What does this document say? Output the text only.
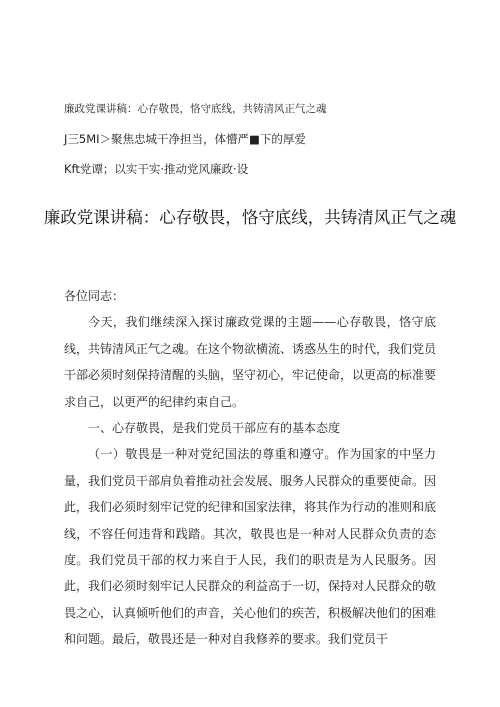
廉政党课讲稿：心存敬畏，恪守底线，共铸清风正气之魂
J三5MI＞聚焦忠城干净担当，体懵严■下的厚爱
Kft党谭；以实干实·推动党风廉政·设
廉政党课讲稿：心存敬畏，恪守底线，共铸清风正气之魂

各位同志：

今天，我们继续深入探讨廉政党课的主题——心存敬畏，恪守底线，共铸清风正气之魂。在这个物欲横流、诱惑丛生的时代，我们党员干部必须时刻保持清醒的头脑，坚守初心，牢记使命，以更高的标准要求自己，以更严的纪律约束自己。

一、心存敬畏，是我们党员干部应有的基本态度

（一）敬畏是一种对党纪国法的尊重和遵守。作为国家的中坚力量，我们党员干部肩负着推动社会发展、服务人民群众的重要使命。因此，我们必须时刻牢记党的纪律和国家法律，将其作为行动的准则和底线，不容任何违背和践踏。其次，敬畏也是一种对人民群众负责的态度。我们党员干部的权力来自于人民，我们的职责是为人民服务。因此，我们必须时刻牢记人民群众的利益高于一切，保持对人民群众的敬畏之心，认真倾听他们的声音，关心他们的疾苦，积极解决他们的困难和问题。最后，敬畏还是一种对自我修养的要求。我们党员干
